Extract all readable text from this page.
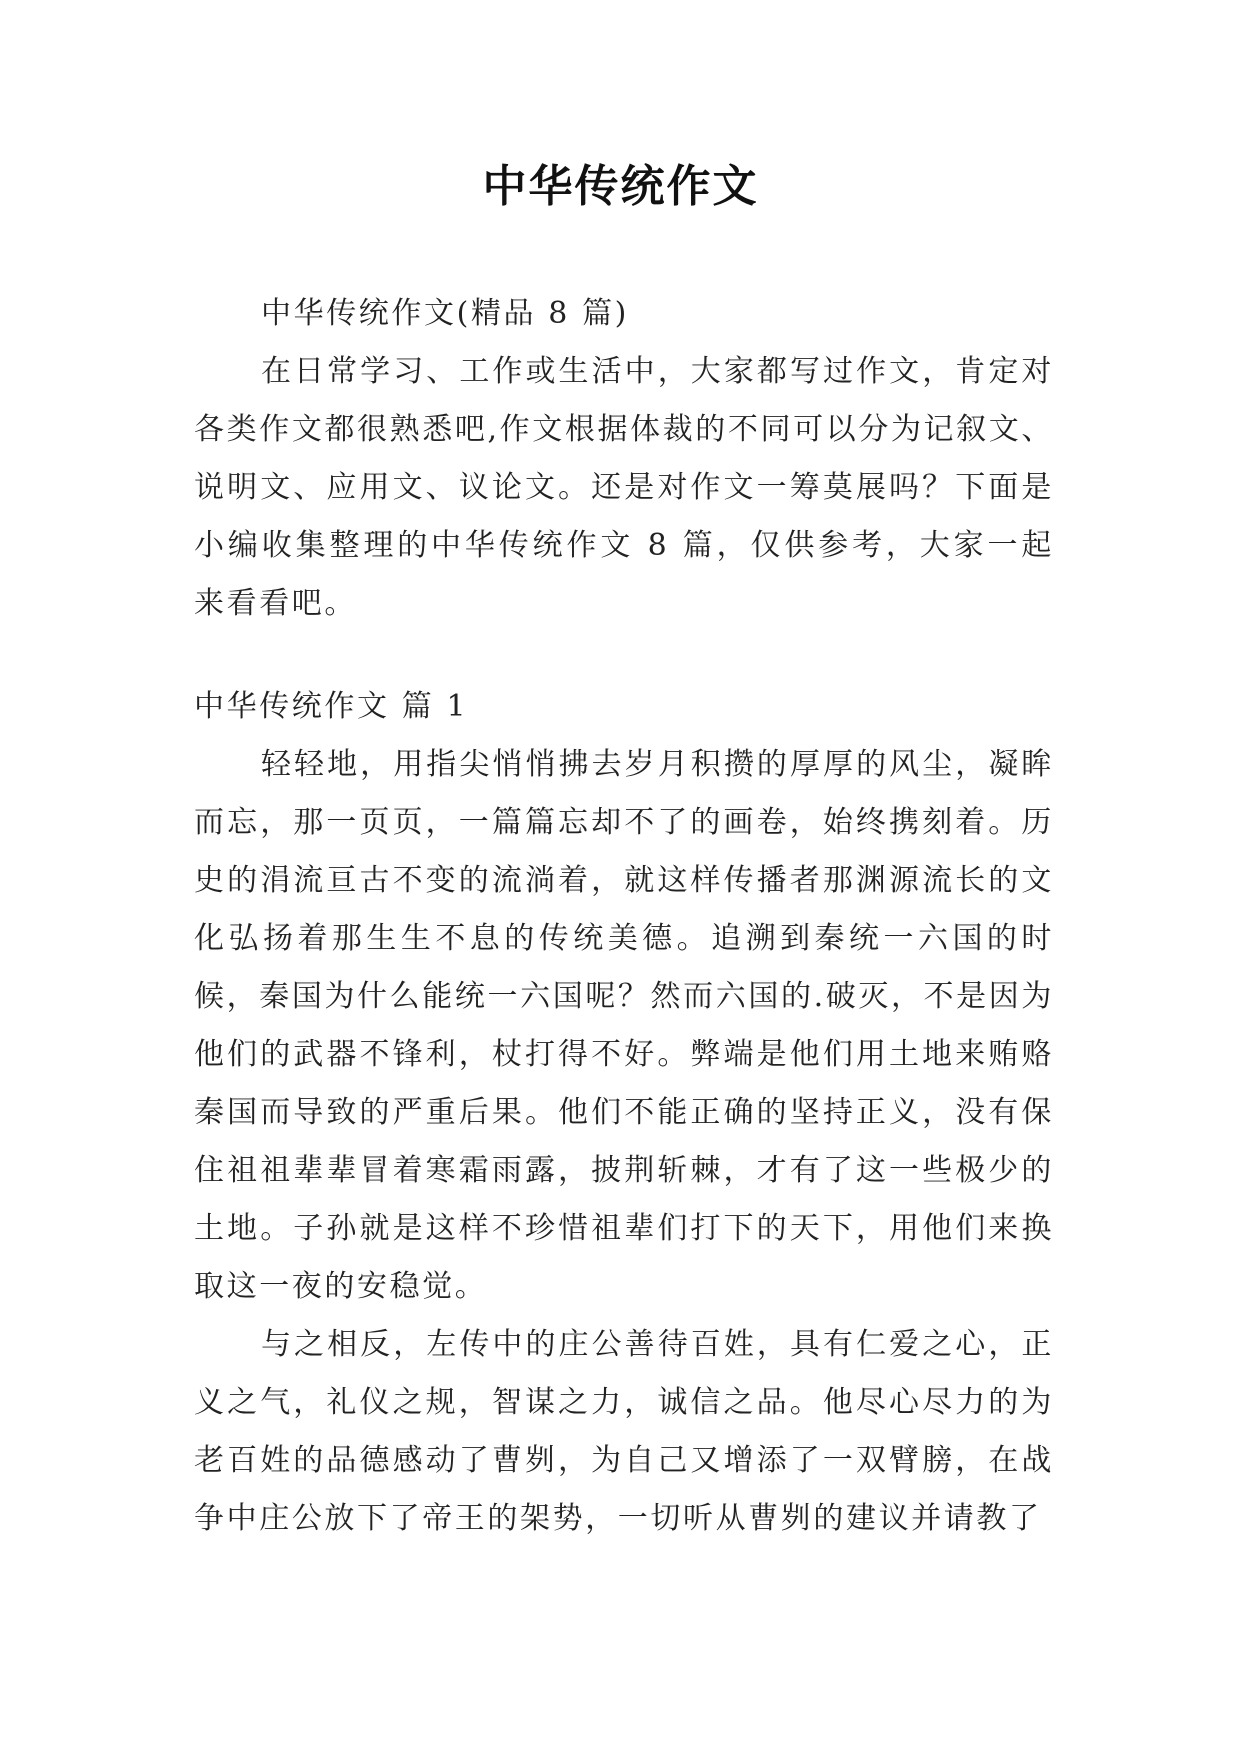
中华传统作文

中华传统作文(精品 8 篇)

在日常学习、工作或生活中，大家都写过作文，肯定对各类作文都很熟悉吧,作文根据体裁的不同可以分为记叙文、说明文、应用文、议论文。还是对作文一筹莫展吗？下面是小编收集整理的中华传统作文 8 篇，仅供参考，大家一起来看看吧。

中华传统作文 篇 1

轻轻地，用指尖悄悄拂去岁月积攒的厚厚的风尘，凝眸而忘，那一页页，一篇篇忘却不了的画卷，始终携刻着。历史的涓流亘古不变的流淌着，就这样传播者那渊源流长的文化弘扬着那生生不息的传统美德。追溯到秦统一六国的时候，秦国为什么能统一六国呢？然而六国的.破灭，不是因为他们的武器不锋利，杖打得不好。弊端是他们用土地来贿赂秦国而导致的严重后果。他们不能正确的坚持正义，没有保住祖祖辈辈冒着寒霜雨露，披荆斩棘，才有了这一些极少的土地。子孙就是这样不珍惜祖辈们打下的天下，用他们来换取这一夜的安稳觉。

与之相反，左传中的庄公善待百姓，具有仁爱之心，正义之气，礼仪之规，智谋之力，诚信之品。他尽心尽力的为老百姓的品德感动了曹刿，为自己又增添了一双臂膀，在战争中庄公放下了帝王的架势，一切听从曹刿的建议并请教了
